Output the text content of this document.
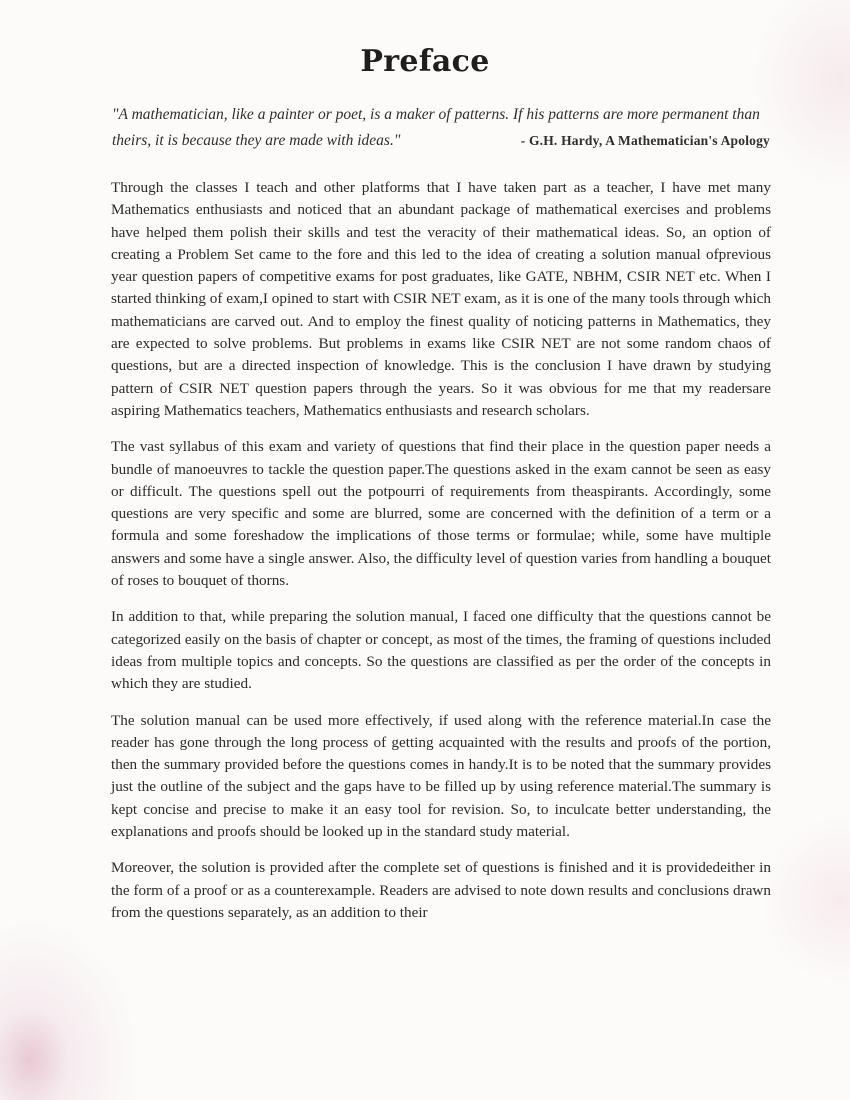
Preface
"A mathematician, like a painter or poet, is a maker of patterns. If his patterns are more permanent than theirs, it is because they are made with ideas."	- G.H. Hardy, A Mathematician's Apology

Through the classes I teach and other platforms that I have taken part as a teacher, I have met many Mathematics enthusiasts and noticed that an abundant package of mathematical exercises and problems have helped them polish their skills and test the veracity of their mathematical ideas. So, an option of creating a Problem Set came to the fore and this led to the idea of creating a solution manual ofprevious year question papers of competitive exams for post graduates, like GATE, NBHM, CSIR NET etc. When I started thinking of exam,I opined to start with CSIR NET exam, as it is one of the many tools through which mathematicians are carved out. And to employ the finest quality of noticing patterns in Mathematics, they are expected to solve problems. But problems in exams like CSIR NET are not some random chaos of questions, but are a directed inspection of knowledge. This is the conclusion I have drawn by studying pattern of CSIR NET question papers through the years. So it was obvious for me that my readersare aspiring Mathematics teachers, Mathematics enthusiasts and research scholars.

The vast syllabus of this exam and variety of questions that find their place in the question paper needs a bundle of manoeuvres to tackle the question paper.The questions asked in the exam cannot be seen as easy or difficult. The questions spell out the potpourri of requirements from theaspirants. Accordingly, some questions are very specific and some are blurred, some are concerned with the definition of a term or a formula and some foreshadow the implications of those terms or formulae; while, some have multiple answers and some have a single answer. Also, the difficulty level of question varies from handling a bouquet of roses to bouquet of thorns.

In addition to that, while preparing the solution manual, I faced one difficulty that the questions cannot be categorized easily on the basis of chapter or concept, as most of the times, the framing of questions included ideas from multiple topics and concepts. So the questions are classified as per the order of the concepts in which they are studied.

The solution manual can be used more effectively, if used along with the reference material.In case the reader has gone through the long process of getting acquainted with the results and proofs of the portion, then the summary provided before the questions comes in handy.It is to be noted that the summary provides just the outline of the subject and the gaps have to be filled up by using reference material.The summary is kept concise and precise to make it an easy tool for revision. So, to inculcate better understanding, the explanations and proofs should be looked up in the standard study material.

Moreover, the solution is provided after the complete set of questions is finished and it is providedeither in the form of a proof or as a counterexample. Readers are advised to note down results and conclusions drawn from the questions separately, as an addition to their
